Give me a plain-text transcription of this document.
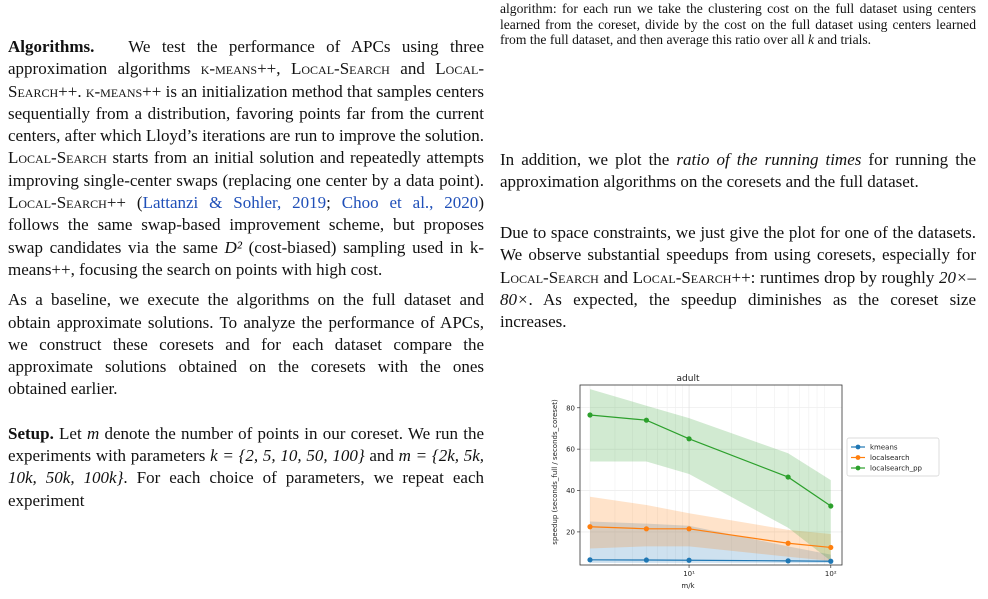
Algorithms. We test the performance of APCs using three approximation algorithms k-means++, Local-Search and Local-Search++. k-means++ is an initialization method that samples centers sequentially from a distribution, favoring points far from the current centers, after which Lloyd’s iterations are run to improve the solution. Local-Search starts from an initial solution and repeatedly attempts improving single-center swaps (replacing one center by a data point). Local-Search++ (Lattanzi & Sohler, 2019; Choo et al., 2020) follows the same swap-based improvement scheme, but proposes swap candidates via the same D² (cost-biased) sampling used in k-means++, focusing the search on points with high cost.

As a baseline, we execute the algorithms on the full dataset and obtain approximate solutions. To analyze the performance of APCs, we construct these coresets and for each dataset compare the approximate solutions obtained on the coresets with the ones obtained earlier.

Setup. Let m denote the number of points in our coreset. We run the experiments with parameters k = {2, 5, 10, 50, 100} and m = {2k, 5k, 10k, 50k, 100k}. For each choice of parameters, we repeat each experiment

algorithm: for each run we take the clustering cost on the full dataset using centers learned from the coreset, divide by the cost on the full dataset using centers learned from the full dataset, and then average this ratio over all k and trials.
In addition, we plot the ratio of the running times for running the approximation algorithms on the coresets and the full dataset.
Due to space constraints, we just give the plot for one of the datasets. We observe substantial speedups from using coresets, especially for Local-Search and Local-Search++: runtimes drop by roughly 20×–80×. As expected, the speedup diminishes as the coreset size increases.
adult
m/k
speedup (seconds_full / seconds_coreset) 20
40
60
80
10¹	10²
kmeans
localsearch
localsearch_pp
